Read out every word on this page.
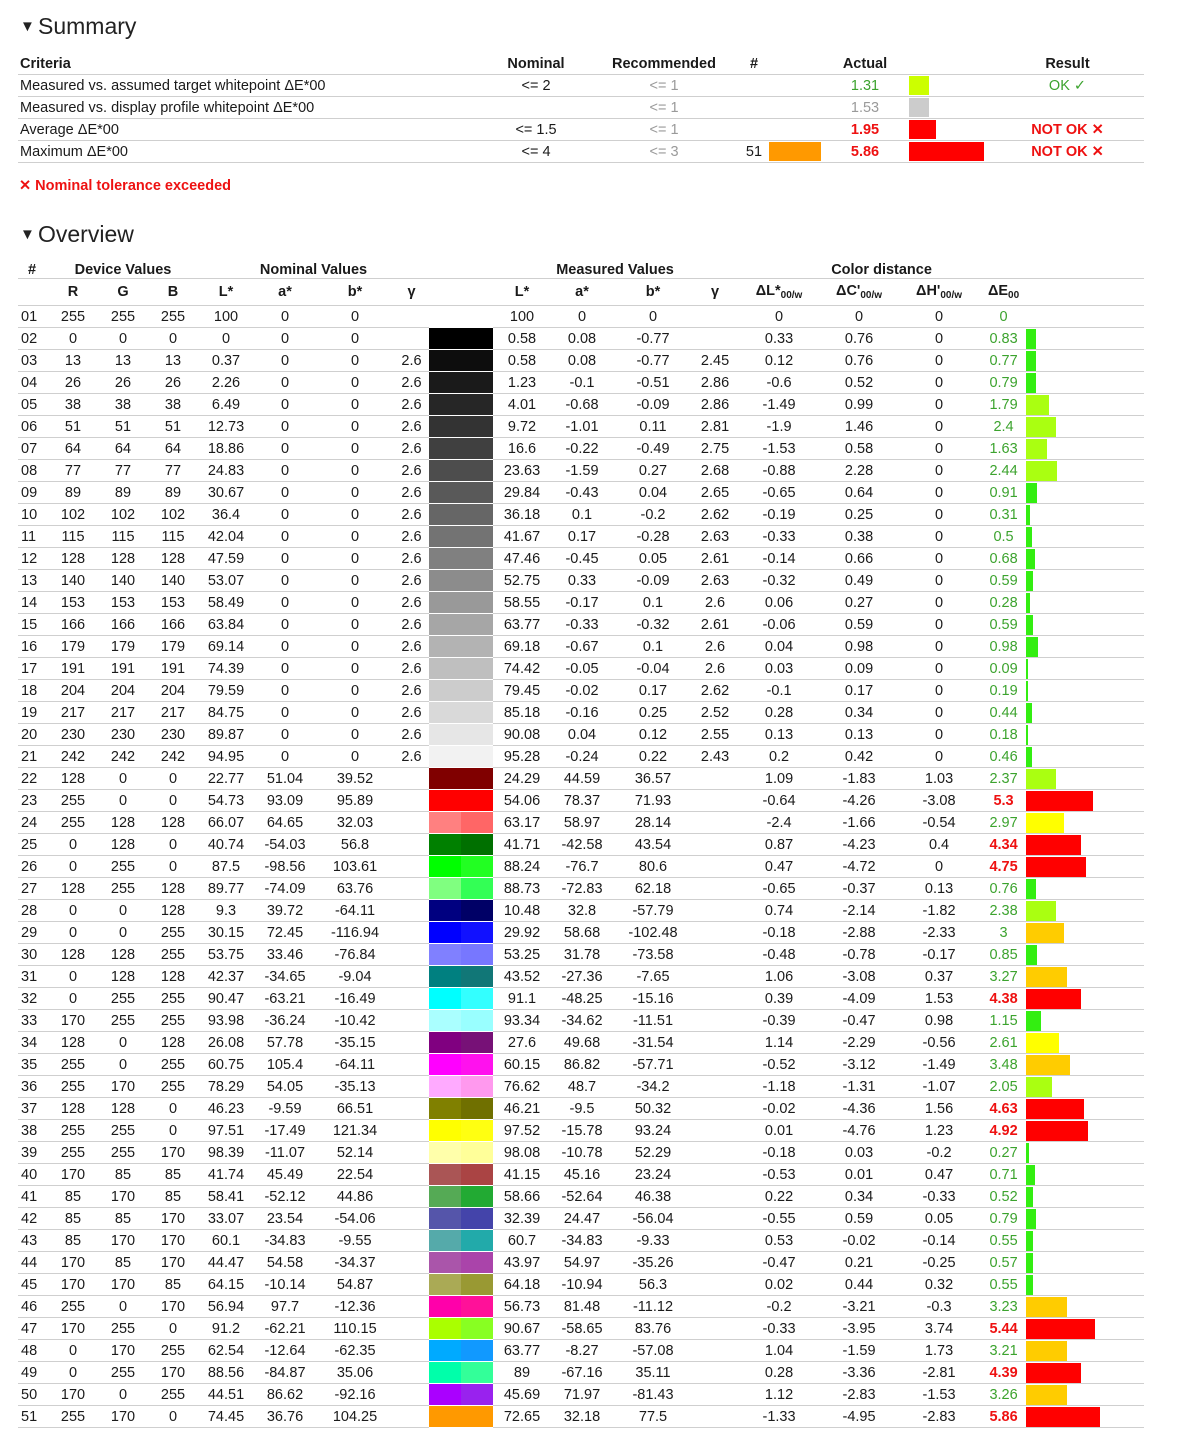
▼ Summary
Criteria	Nominal	Recommended	#		Actual		Result
Measured vs. assumed target whitepoint ΔE*00	<= 2	<= 1			1.31		OK ✓
Measured vs. display profile whitepoint ΔE*00		<= 1			1.53		
Average ΔE*00	<= 1.5	<= 1			1.95		NOT OK ✕
Maximum ΔE*00	<= 4	<= 3	51		5.86		NOT OK ✕
✕ Nominal tolerance exceeded
▼ Overview
#	Device Values			Nominal Values					Measured Values				Color distance				
	R	G	B	L*	a*	b*	γ		L*	a*	b*	γ	$\Delta L*_{00/w}$	$\Delta C'_{00/w}$	$\Delta H'_{00/w}$	$\Delta E_{00}$	
01	255	255	255	100	0	0			100	0	0		0	0	0	0	
02	0	0	0	0	0	0			0.58	0.08	-0.77		0.33	0.76	0	0.83	

03	13	13	13	0.37	0	0	2.6		0.58	0.08	-0.77	2.45	0.12	0.76	0	0.77	

04	26	26	26	2.26	0	0	2.6		1.23	-0.1	-0.51	2.86	-0.6	0.52	0	0.79	

05	38	38	38	6.49	0	0	2.6		4.01	-0.68	-0.09	2.86	-1.49	0.99	0	1.79	

06	51	51	51	12.73	0	0	2.6		9.72	-1.01	0.11	2.81	-1.9	1.46	0	2.4	

07	64	64	64	18.86	0	0	2.6		16.6	-0.22	-0.49	2.75	-1.53	0.58	0	1.63	

08	77	77	77	24.83	0	0	2.6		23.63	-1.59	0.27	2.68	-0.88	2.28	0	2.44	

09	89	89	89	30.67	0	0	2.6		29.84	-0.43	0.04	2.65	-0.65	0.64	0	0.91	

10	102	102	102	36.4	0	0	2.6		36.18	0.1	-0.2	2.62	-0.19	0.25	0	0.31	

11	115	115	115	42.04	0	0	2.6		41.67	0.17	-0.28	2.63	-0.33	0.38	0	0.5	

12	128	128	128	47.59	0	0	2.6		47.46	-0.45	0.05	2.61	-0.14	0.66	0	0.68	

13	140	140	140	53.07	0	0	2.6		52.75	0.33	-0.09	2.63	-0.32	0.49	0	0.59	

14	153	153	153	58.49	0	0	2.6		58.55	-0.17	0.1	2.6	0.06	0.27	0	0.28	

15	166	166	166	63.84	0	0	2.6		63.77	-0.33	-0.32	2.61	-0.06	0.59	0	0.59	

16	179	179	179	69.14	0	0	2.6		69.18	-0.67	0.1	2.6	0.04	0.98	0	0.98	

17	191	191	191	74.39	0	0	2.6		74.42	-0.05	-0.04	2.6	0.03	0.09	0	0.09	

18	204	204	204	79.59	0	0	2.6		79.45	-0.02	0.17	2.62	-0.1	0.17	0	0.19	

19	217	217	217	84.75	0	0	2.6		85.18	-0.16	0.25	2.52	0.28	0.34	0	0.44	

20	230	230	230	89.87	0	0	2.6		90.08	0.04	0.12	2.55	0.13	0.13	0	0.18	

21	242	242	242	94.95	0	0	2.6		95.28	-0.24	0.22	2.43	0.2	0.42	0	0.46	

22	128	0	0	22.77	51.04	39.52			24.29	44.59	36.57		1.09	-1.83	1.03	2.37	

23	255	0	0	54.73	93.09	95.89			54.06	78.37	71.93		-0.64	-4.26	-3.08	5.3	

24	255	128	128	66.07	64.65	32.03			63.17	58.97	28.14		-2.4	-1.66	-0.54	2.97	

25	0	128	0	40.74	-54.03	56.8			41.71	-42.58	43.54		0.87	-4.23	0.4	4.34	

26	0	255	0	87.5	-98.56	103.61			88.24	-76.7	80.6		0.47	-4.72	0	4.75	

27	128	255	128	89.77	-74.09	63.76			88.73	-72.83	62.18		-0.65	-0.37	0.13	0.76	

28	0	0	128	9.3	39.72	-64.11			10.48	32.8	-57.79		0.74	-2.14	-1.82	2.38	

29	0	0	255	30.15	72.45	-116.94			29.92	58.68	-102.48		-0.18	-2.88	-2.33	3	

30	128	128	255	53.75	33.46	-76.84			53.25	31.78	-73.58		-0.48	-0.78	-0.17	0.85	

31	0	128	128	42.37	-34.65	-9.04			43.52	-27.36	-7.65		1.06	-3.08	0.37	3.27	

32	0	255	255	90.47	-63.21	-16.49			91.1	-48.25	-15.16		0.39	-4.09	1.53	4.38	

33	170	255	255	93.98	-36.24	-10.42			93.34	-34.62	-11.51		-0.39	-0.47	0.98	1.15	

34	128	0	128	26.08	57.78	-35.15			27.6	49.68	-31.54		1.14	-2.29	-0.56	2.61	

35	255	0	255	60.75	105.4	-64.11			60.15	86.82	-57.71		-0.52	-3.12	-1.49	3.48	

36	255	170	255	78.29	54.05	-35.13			76.62	48.7	-34.2		-1.18	-1.31	-1.07	2.05	

37	128	128	0	46.23	-9.59	66.51			46.21	-9.5	50.32		-0.02	-4.36	1.56	4.63	

38	255	255	0	97.51	-17.49	121.34			97.52	-15.78	93.24		0.01	-4.76	1.23	4.92	

39	255	255	170	98.39	-11.07	52.14			98.08	-10.78	52.29		-0.18	0.03	-0.2	0.27	

40	170	85	85	41.74	45.49	22.54			41.15	45.16	23.24		-0.53	0.01	0.47	0.71	

41	85	170	85	58.41	-52.12	44.86			58.66	-52.64	46.38		0.22	0.34	-0.33	0.52	

42	85	85	170	33.07	23.54	-54.06			32.39	24.47	-56.04		-0.55	0.59	0.05	0.79	

43	85	170	170	60.1	-34.83	-9.55			60.7	-34.83	-9.33		0.53	-0.02	-0.14	0.55	

44	170	85	170	44.47	54.58	-34.37			43.97	54.97	-35.26		-0.47	0.21	-0.25	0.57	

45	170	170	85	64.15	-10.14	54.87			64.18	-10.94	56.3		0.02	0.44	0.32	0.55	

46	255	0	170	56.94	97.7	-12.36			56.73	81.48	-11.12		-0.2	-3.21	-0.3	3.23	

47	170	255	0	91.2	-62.21	110.15			90.67	-58.65	83.76		-0.33	-3.95	3.74	5.44	

48	0	170	255	62.54	-12.64	-62.35			63.77	-8.27	-57.08		1.04	-1.59	1.73	3.21	

49	0	255	170	88.56	-84.87	35.06			89	-67.16	35.11		0.28	-3.36	-2.81	4.39	

50	170	0	255	44.51	86.62	-92.16			45.69	71.97	-81.43		1.12	-2.83	-1.53	3.26	

51	255	170	0	74.45	36.76	104.25			72.65	32.18	77.5		-1.33	-4.95	-2.83	5.86	
